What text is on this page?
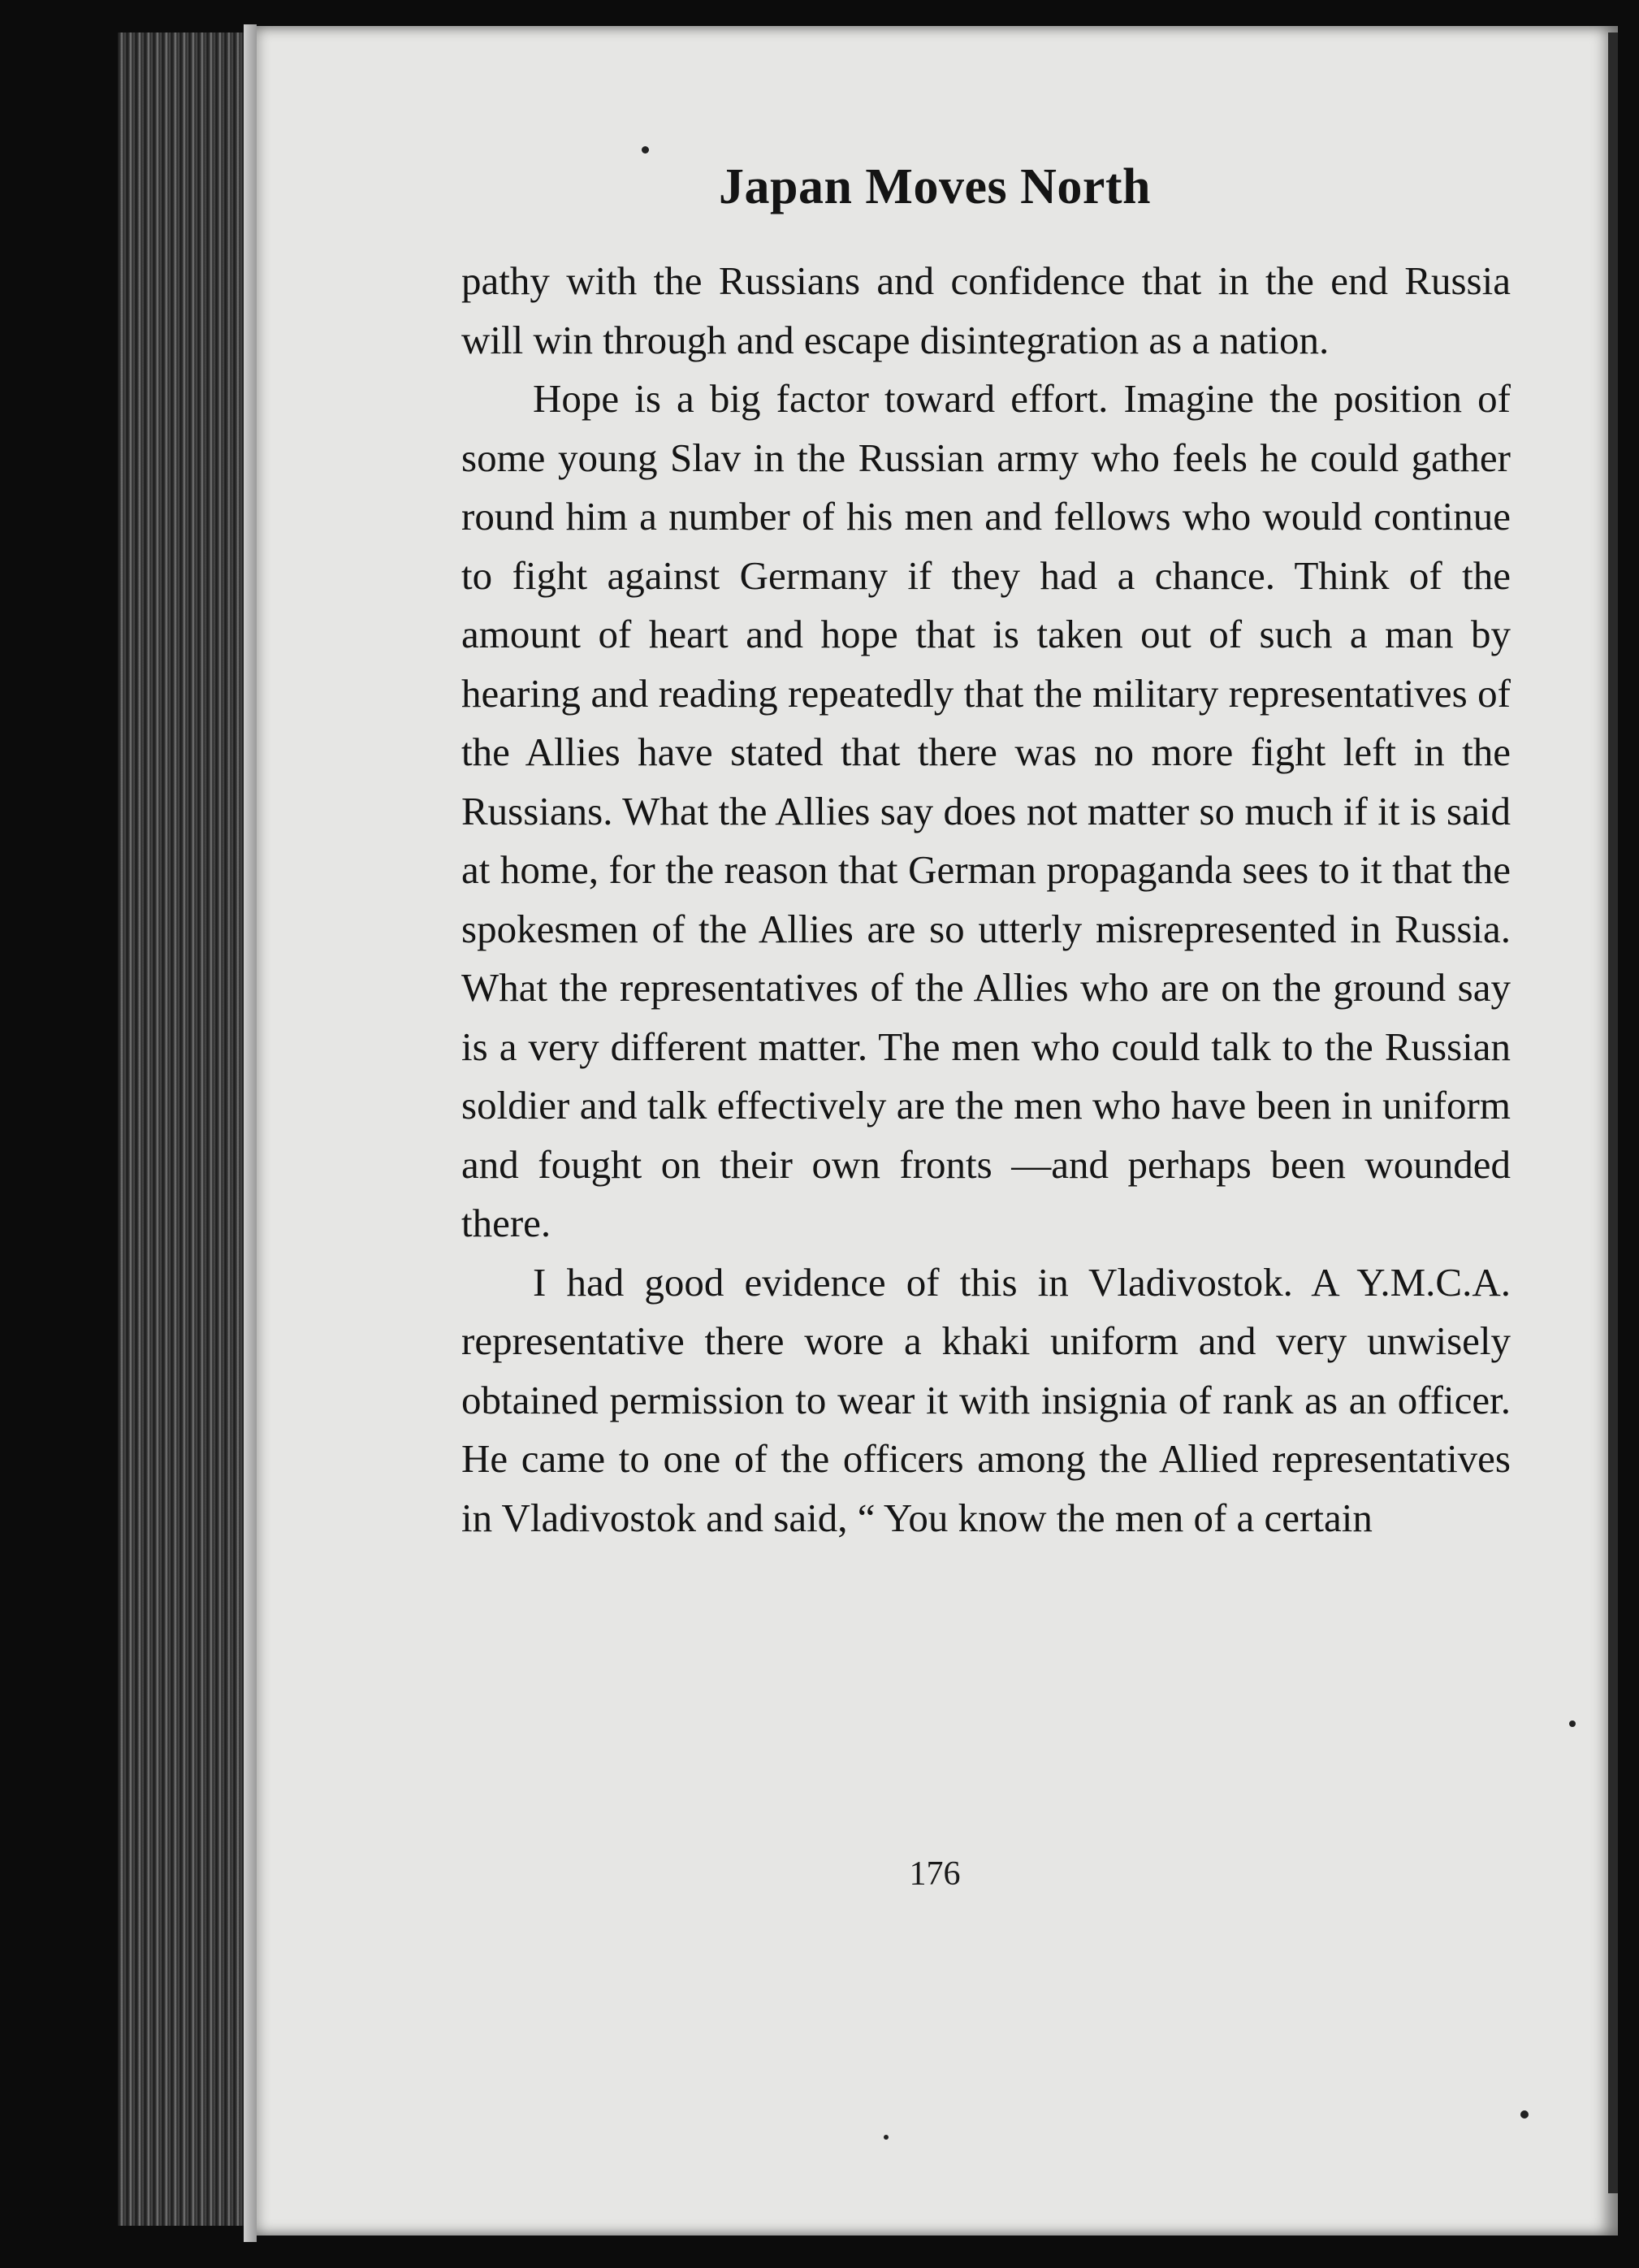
Japan Moves North

pathy with the Russians and confidence that in the end Russia will win through and escape disintegration as a nation.

Hope is a big factor toward effort. Imagine the position of some young Slav in the Russian army who feels he could gather round him a number of his men and fellows who would continue to fight against Germany if they had a chance. Think of the amount of heart and hope that is taken out of such a man by hearing and reading repeatedly that the military representatives of the Allies have stated that there was no more fight left in the Russians. What the Allies say does not matter so much if it is said at home, for the reason that German propaganda sees to it that the spokesmen of the Allies are so utterly misrepresented in Russia. What the representatives of the Allies who are on the ground say is a very different matter. The men who could talk to the Russian soldier and talk effectively are the men who have been in uniform and fought on their own fronts —and perhaps been wounded there.

I had good evidence of this in Vladivostok. A Y.M.C.A. representative there wore a khaki uniform and very unwisely obtained permission to wear it with insignia of rank as an officer. He came to one of the officers among the Allied representatives in Vladivostok and said, “ You know the men of a certain

176
